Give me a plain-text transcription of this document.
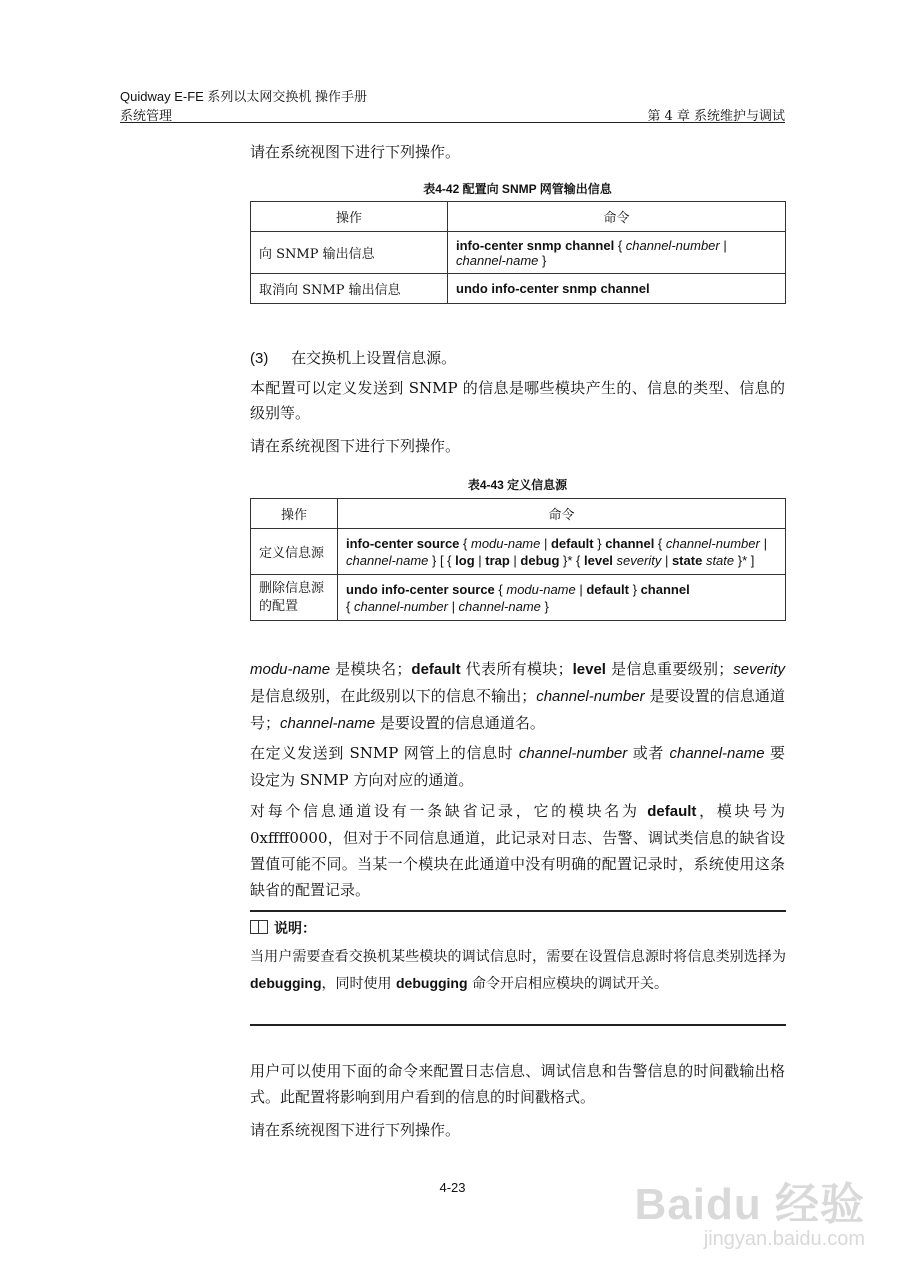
Quidway E-FE 系列以太网交换机 操作手册
系统管理	第 4 章 系统维护与调试
请在系统视图下进行下列操作。
表4-42 配置向 SNMP 网管输出信息
操作	命令
向 SNMP 输出信息	info-center snmp channel { channel-number |
channel-name }
取消向 SNMP 输出信息	undo info-center snmp channel
(3) 在交换机上设置信息源。
本配置可以定义发送到 SNMP 的信息是哪些模块产生的、信息的类型、信息的级别等。
请在系统视图下进行下列操作。
表4-43 定义信息源
操作	命令
定义信息源	info-center source { modu-name | default } channel { channel-number | channel-name } [ { log | trap | debug }* { level severity | state state }* ]
删除信息源
的配置	undo info-center source { modu-name | default } channel
{ channel-number | channel-name }
modu-name 是模块名；default 代表所有模块；level 是信息重要级别；severity 是信息级别，在此级别以下的信息不输出；channel-number 是要设置的信息通道号；channel-name 是要设置的信息通道名。
在定义发送到 SNMP 网管上的信息时 channel-number 或者 channel-name 要设定为 SNMP 方向对应的通道。
对每个信息通道设有一条缺省记录，它的模块名为 default，模块号为 0xffff0000，但对于不同信息通道，此记录对日志、告警、调试类信息的缺省设置值可能不同。当某一个模块在此通道中没有明确的配置记录时，系统使用这条缺省的配置记录。
说明：
当用户需要查看交换机某些模块的调试信息时，需要在设置信息源时将信息类别选择为 debugging，同时使用 debugging 命令开启相应模块的调试开关。
用户可以使用下面的命令来配置日志信息、调试信息和告警信息的时间戳输出格式。此配置将影响到用户看到的信息的时间戳格式。
请在系统视图下进行下列操作。
4-23	Baidu 经验
jingyan.baidu.com
